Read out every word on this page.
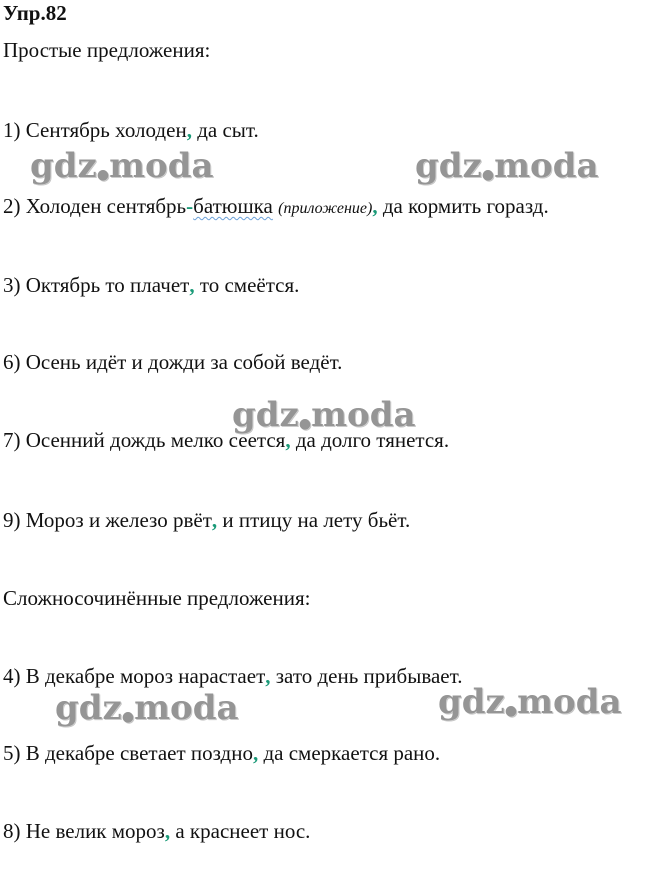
Упр.82
Простые предложения:
1) Сентябрь холоден, да сыт.
2) Холоден сентябрь-батюшка (приложение), да кормить горазд.
3) Октябрь то плачет, то смеётся.
6) Осень идёт и дожди за собой ведёт.
7) Осенний дождь мелко сеется, да долго тянется.
9) Мороз и железо рвёт, и птицу на лету бьёт.
Сложносочинённые предложения:
4) В декабре мороз нарастает, зато день прибывает.
5) В декабре светает поздно, да смеркается рано.
8) Не велик мороз, а краснеет нос.
gdz●moda	gdz●moda
gdz●moda
gdz●moda	gdz●moda
